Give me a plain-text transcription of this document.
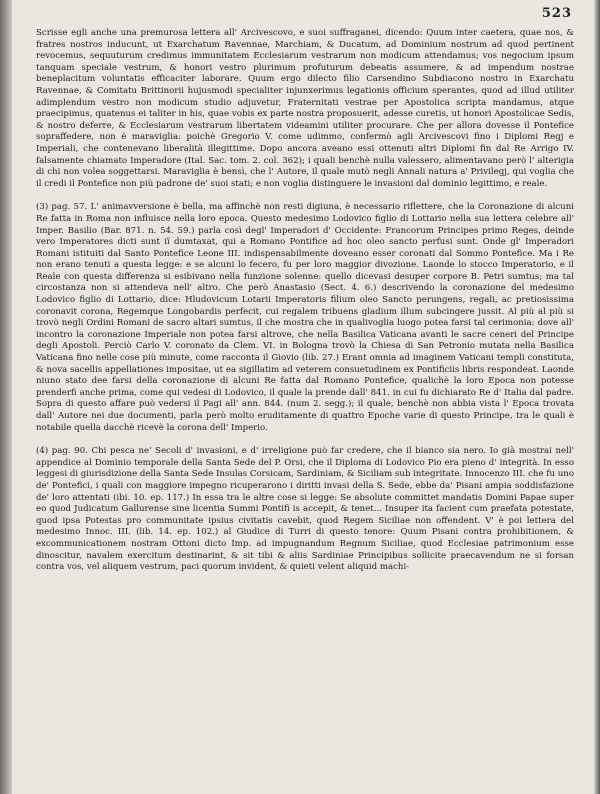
523

Scrisse egli anche una premurosa lettera all' Arcivescovo, e suoi suffraganei, dicendo: Quum inter caetera, quae nos, & fratres nostros inducunt, ut Exarchatum Ravennae, Marchiam, & Ducatum, ad Dominium nostrum ad quod pertinent revocemus, sequuturum credimus immunitatem Ecclesiarum vestrarum non modicum attendamus; vos negocium ipsum tanquam speciale vestrum, & honori vestro plurimum profuturum debeatis assumere, & ad impendum nostrae beneplacitum voluntatis efficaciter laborare. Quum ergo dilecto filio Carsendino Subdiacono nostro in Exarchatu Ravennae, & Comitatu Brittinorii hujusmodi specialiter injunxerimus legationis officium sperantes, quod ad illud utiliter adimplendum vestro non modicum studio adjuvetur, Fraternitati vestrae per Apostolica scripta mandamus, atque praecipimus, quatenus ei taliter in his, quae vobis ex parte nostra proposuerit, adesse curetis, ut honori Apostolicae Sedis, & nostro deferre, & Ecclesiarum vestrarum libertatem videamini utiliter procurare. Che per allora dovesse il Pontefice sopraffedere, non è maraviglia: poichè Gregorio V. come udimmo, confermò agli Arcivescovi fino i Diplomi Regj e Imperiali, che contenevano liberalità illegittime. Dopo ancora aveano essi ottenuti altri Diplomi fin dal Re Arrigo IV. falsamente chiamato Imperadore (Ital. Sac. tom. 2. col. 362); i quali benchè nulla valessero, alimentavano però l' alterigia di chi non volea soggettarsi. Maraviglia è bensì, che l' Autore, il quale mutò negli Annali natura a' Privilegj, qui voglia che il credi il Pontefice non più padrone de' suoi stati; e non voglia distinguere le invasioni dal dominio legittimo, e reale.

(3) pag. 57. L' animavversione è bella, ma affinchè non resti digiuna, è necessario riflettere, che la Coronazione di alcuni Re fatta in Roma non influisce nella loro epoca. Questo medesimo Lodovico figlio di Lottario nella sua lettera celebre all' Imper. Basilio (Bar. 871. n. 54. 59.) parla così degl' Imperadori d' Occidente: Francorum Principes primo Reges, deinde vero Imperatores dicti sunt iï dumtaxat, qui a Romano Pontifice ad hoc oleo sancto perfusi sunt. Onde gl' Imperadori Romani istituiti dal Santo Pontefice Leone III. indispensabilmente doveano esser coronati dal Sommo Pontefice. Ma i Re non erano tenuti a questa legge: e se alcuni lo fecero, fu per loro maggior divozione. Laonde lo stocco Imperatorio, e il Reale con questa differenza si esibivano nella funzione solenne: quello dicevasi desuper corpore B. Petri sumtus; ma tal circostanza non si attendeva nell' altro. Che però Anastasio (Sect. 4. 6.) descrivendo la coronazione del medesimo Lodovico figlio di Lottario, dice: Hludovicum Lotarii Imperatoris filium oleo Sancto perungens, regali, ac pretiosissima coronavit corona, Regemque Longobardis perfecit, cui regalem tribuens gladium illum subcingere jussit. Al più al più si trovò negli Ordini Romani de sacro altari sumtus, il che mostra che in qualivoglia luogo potea farsi tal cerimonia: dove all' incontro la coronazione Imperiale non potea farsi altrove, che nella Basilica Vaticana avanti le sacre ceneri del Principe degli Apostoli. Perciò Carlo V. coronato da Clem. VI. in Bologna trovò la Chiesa di San Petronio mutata nella Basilica Vaticana fino nelle cose più minute, come racconta il Giovio (lib. 27.) Erant omnia ad imaginem Vaticani templi constituta, & nova sacellis appellationes impositae, ut ea sigillatim ad veterem consuetudinem ex Pontificiis libris respondeat. Laonde niuno stato dee farsi della coronazione di alcuni Re fatta dal Romano Pontefice, qualichè la loro Epoca non potesse prenderfi anche prima, come qui vedesi di Lodovico, il quale la prende dall' 841. in cui fu dichiarato Re d' Italia dal padre. Sopra di questo affare può vedersi il Pagi all' ann. 844. (num 2. segg.); il quale, benchè non abbia vista l' Epoca trovata dall' Autore nei due documenti, parla però molto eruditamente di quattro Epoche varie di questo Principe, tra le quali è notabile quella dacchè ricevè la corona dell' Imperio.

(4) pag. 90. Chi pesca ne' Secoli d' invasioni, e d' irreligione può far credere, che il bianco sia nero. Io già mostrai nell' appendice al Dominio temporale della Santa Sede del P. Orsi, che il Diploma di Lodovico Pio era pieno d' integrità. In esso leggesi di giurisdizione della Santa Sede Insulas Corsicam, Sardiniam, & Siciliam sub integritate. Innocenzo III. che fu uno de' Pontefici, i quali con maggiore impegno ricuperarono i diritti invasi della S. Sede, ebbe da' Pisani ampia soddisfazione de' loro attentati (ibi. 10. ep. 117.) In essa tra le altre cose si legge: Se absolute committet mandatis Domini Papae super eo quod Judicatum Gallurense sine licentia Summi Pontifi is accepit, & tenet... Insuper ita facient cum praefata potestate, quod ipsa Potestas pro communitate ipsius civitatis cavebit, quod Regem Siciliae non offendent. V' è poi lettera del medesimo Innoc. III. (lib. 14. ep. 102.) al Giudice di Turri di questo tenore: Quum Pisani contra prohibitionem, & excommunicationem nostram Ottoni dicto Imp. ad impugnandum Regnum Siciliae, quod Ecclesiae patrimonium esse dinoscitur, navalem exercitum destinarint, & sit tibi & aliis Sardiniae Principibus sollicite praecavendum ne si forsan contra vos, vel aliquem vestrum, paci quorum invident, & quieti velent aliquid machi-
